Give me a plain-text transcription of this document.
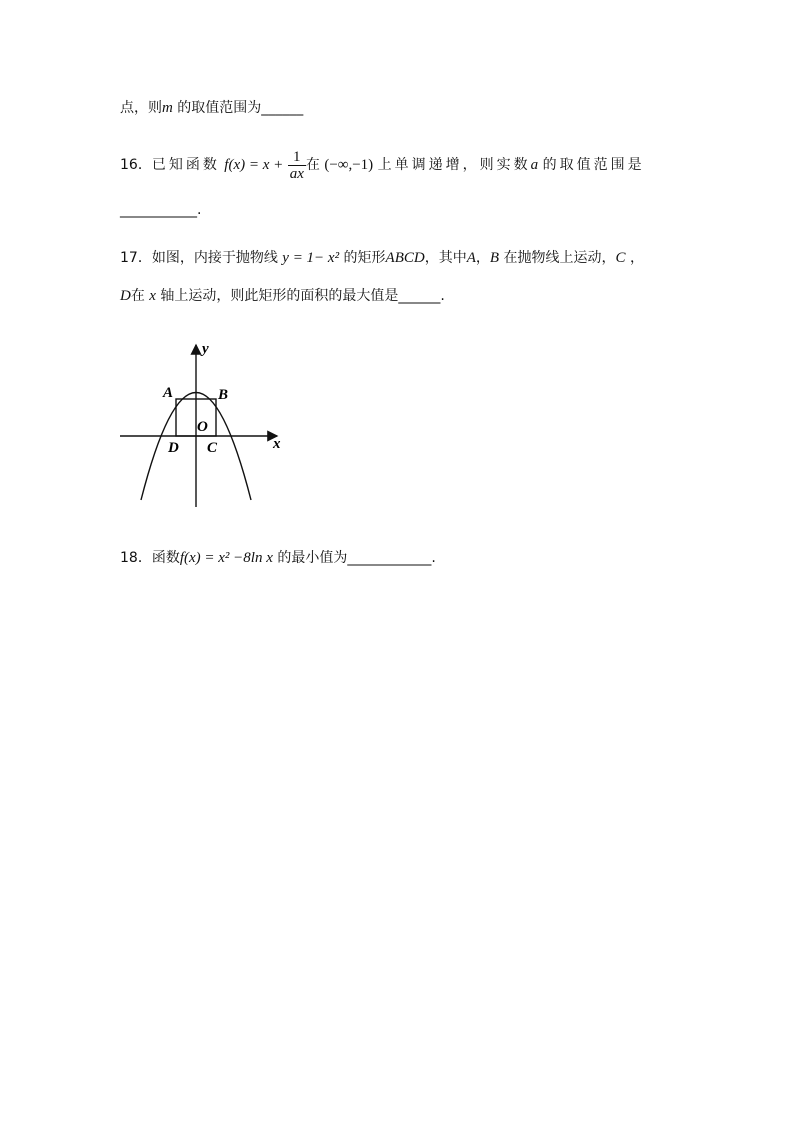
点，则m 的取值范围为______
16．已知函数 $f(x) = x + \frac{1}{ax}$ 在 (−∞,−1) 上单调递增，则实数a 的取值范围是
___________.
17．如图，内接于抛物线 y = 1− x² 的矩形ABCD，其中A，B 在抛物线上运动，C ，
D在 x 轴上运动，则此矩形的面积的最大值是______.
y
x
A	B
O
D C
18．函数f(x) = x² −8ln x 的最小值为____________.
